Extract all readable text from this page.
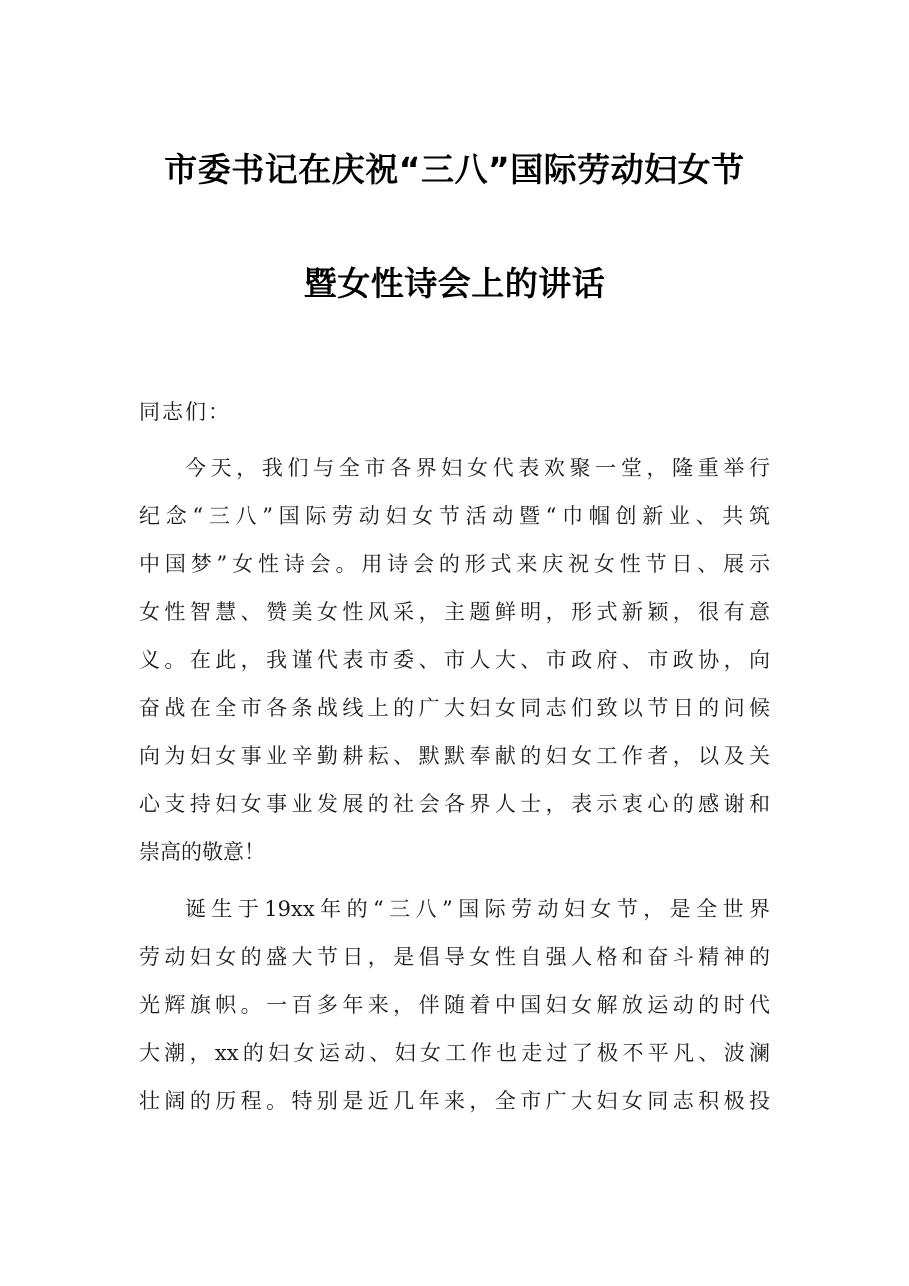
市委书记在庆祝“三八”国际劳动妇女节
暨女性诗会上的讲话
同志们：
今天，我们与全市各界妇女代表欢聚一堂，隆重举行
纪念“三八”国际劳动妇女节活动暨“巾帼创新业、共筑
中国梦”女性诗会。用诗会的形式来庆祝女性节日、展示
女性智慧、赞美女性风采，主题鲜明，形式新颖，很有意
义。在此，我谨代表市委、市人大、市政府、市政协，向
奋战在全市各条战线上的广大妇女同志们致以节日的问候
向为妇女事业辛勤耕耘、默默奉献的妇女工作者，以及关
心支持妇女事业发展的社会各界人士，表示衷心的感谢和
崇高的敬意！
诞生于19xx年的“三八”国际劳动妇女节，是全世界
劳动妇女的盛大节日，是倡导女性自强人格和奋斗精神的
光辉旗帜。一百多年来，伴随着中国妇女解放运动的时代
大潮，xx的妇女运动、妇女工作也走过了极不平凡、波澜
壮阔的历程。特别是近几年来，全市广大妇女同志积极投
